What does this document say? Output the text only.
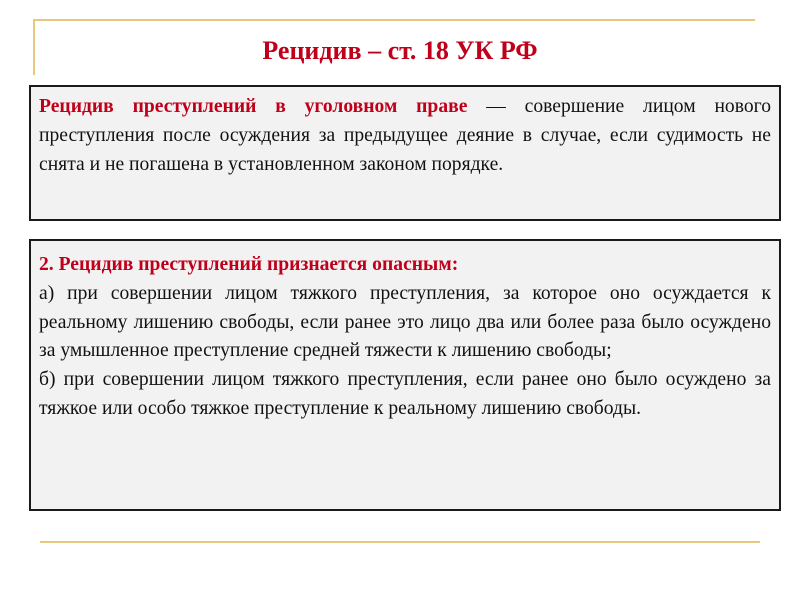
Рецидив – ст. 18 УК РФ

Рецидив преступлений в уголовном праве — совершение лицом нового преступления после осуждения за предыдущее деяние в случае, если судимость не снята и не погашена в установленном законом порядке.

2. Рецидив преступлений признается опасным:

а) при совершении лицом тяжкого преступления, за которое оно осуждается к реальному лишению свободы, если ранее это лицо два или более раза было осуждено за умышленное преступление средней тяжести к лишению свободы;

б) при совершении лицом тяжкого преступления, если ранее оно было осуждено за тяжкое или особо тяжкое преступление к реальному лишению свободы.
